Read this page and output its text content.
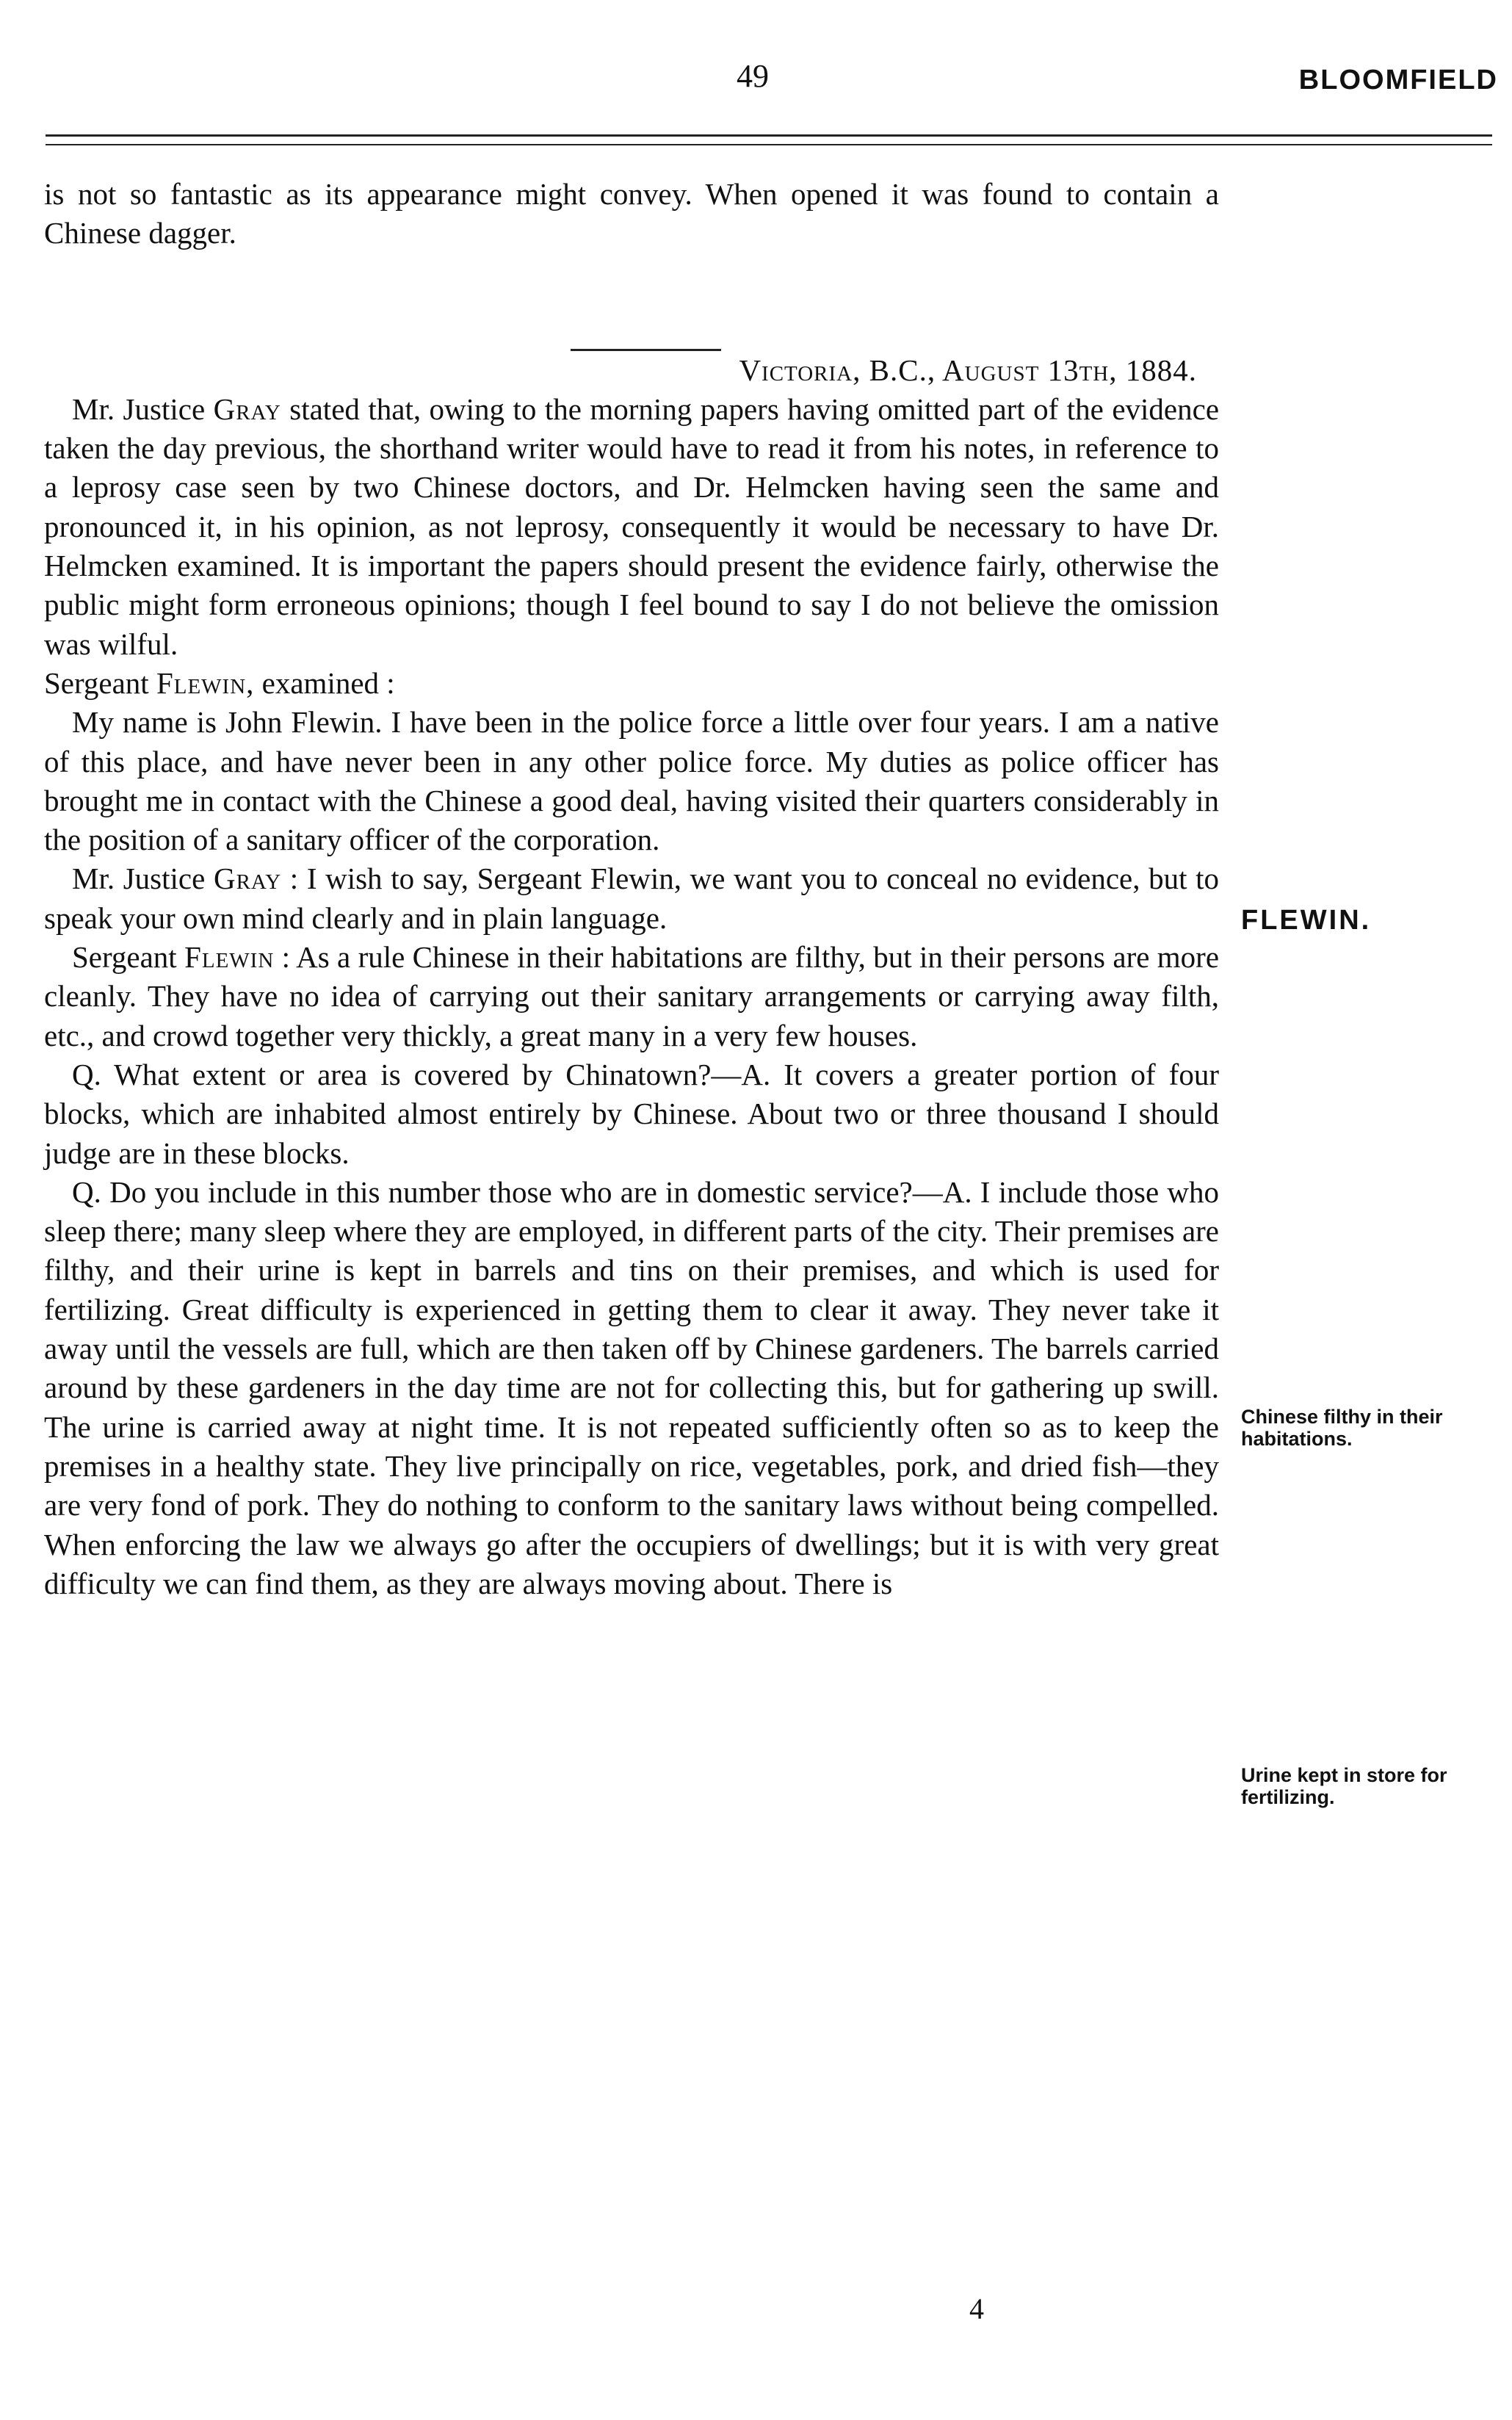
49	BLOOMFIELD

is not so fantastic as its appearance might convey. When opened it was found to contain a Chinese dagger.

Victoria, B.C., August 13th, 1884.

Mr. Justice Gray stated that, owing to the morning papers having omitted part of the evidence taken the day previous, the shorthand writer would have to read it from his notes, in reference to a leprosy case seen by two Chinese doctors, and Dr. Helmcken having seen the same and pronounced it, in his opinion, as not leprosy, consequently it would be necessary to have Dr. Helmcken examined. It is important the papers should present the evidence fairly, otherwise the public might form erroneous opinions; though I feel bound to say I do not believe the omission was wilful.

Sergeant Flewin, examined :

My name is John Flewin. I have been in the police force a little over four years. I am a native of this place, and have never been in any other police force. My duties as police officer has brought me in contact with the Chinese a good deal, having visited their quarters considerably in the position of a sanitary officer of the corporation.

Mr. Justice Gray : I wish to say, Sergeant Flewin, we want you to conceal no evidence, but to speak your own mind clearly and in plain language.

Sergeant Flewin : As a rule Chinese in their habitations are filthy, but in their persons are more cleanly. They have no idea of carrying out their sanitary arrangements or carrying away filth, etc., and crowd together very thickly, a great many in a very few houses.

Q. What extent or area is covered by Chinatown?—A. It covers a greater portion of four blocks, which are inhabited almost entirely by Chinese. About two or three thousand I should judge are in these blocks.

Q. Do you include in this number those who are in domestic service?—A. I include those who sleep there; many sleep where they are employed, in different parts of the city. Their premises are filthy, and their urine is kept in barrels and tins on their premises, and which is used for fertilizing. Great difficulty is experienced in getting them to clear it away. They never take it away until the vessels are full, which are then taken off by Chinese gardeners. The barrels carried around by these gardeners in the day time are not for collecting this, but for gathering up swill. The urine is carried away at night time. It is not repeated sufficiently often so as to keep the premises in a healthy state. They live principally on rice, vegetables, pork, and dried fish—they are very fond of pork. They do nothing to conform to the sanitary laws without being compelled. When enforcing the law we always go after the occupiers of dwellings; but it is with very great difficulty we can find them, as they are always moving about. There is

FLEWIN.
Chinese filthy in their habitations.
Urine kept in store for fertilizing.
4
